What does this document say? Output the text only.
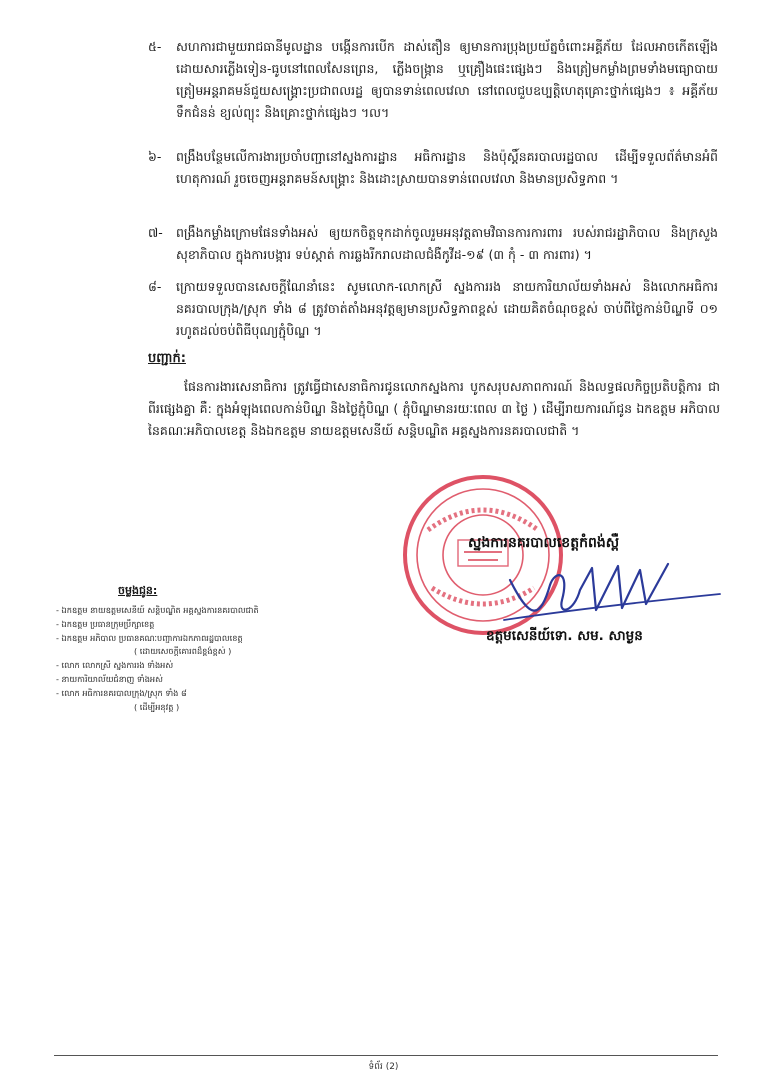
៥-	សហការជាមួយរាជធានីមូលដ្ឋាន បង្កើនការបើក ដាស់តឿន ឲ្យមានការប្រុងប្រយ័ត្នចំពោះអគ្គីភ័យ ដែលអាចកើតឡើងដោយសារភ្លើងទៀន-ធូបនៅពេលសែនព្រេន, ភ្លើងចង្ក្រាន ឬគ្រឿងផេះផ្សេងៗ និងត្រៀមកម្លាំងព្រមទាំងមធ្យោបាយ ត្រៀមអន្តរាគមន៍ជួយសង្គ្រោះប្រជាពលរដ្ឋ ឲ្យបានទាន់ពេលវេលា នៅពេលជួបឧប្បត្តិហេតុគ្រោះថ្នាក់ផ្សេងៗ ៖ អគ្គីភ័យ ទឹកជំនន់ ខ្យល់ព្យុះ និងគ្រោះថ្នាក់ផ្សេងៗ ។ល។
៦-	ពង្រឹងបន្ថែមលើការងារប្រចាំបញ្ជានៅស្នងការដ្ឋាន អធិការដ្ឋាន និងប៉ុស្តិ៍នគរបាលរដ្ឋបាល ដើម្បីទទួលព័ត៌មានអំពីហេតុការណ៍ រួចចេញអន្តរាគមន៍សង្គ្រោះ និងដោះស្រាយបានទាន់ពេលវេលា និងមានប្រសិទ្ធភាព ។
៧-	ពង្រឹងកម្លាំងក្រោមផែនទាំងអស់ ឲ្យយកចិត្តទុកដាក់ចូលរួមអនុវត្តតាមវិធានការការពារ របស់រាជរដ្ឋាភិបាល និងក្រសួង សុខាភិបាល ក្នុងការបង្ការ ទប់ស្កាត់ ការឆ្លងរីករាលដាលជំងឺកូវីដ-១៩ (៣ កុំ - ៣ ការពារ) ។
៨-	ក្រោយទទួលបានសេចក្ដីណែនាំនេះ សូមលោក-លោកស្រី ស្នងការរង នាយការិយាល័យទាំងអស់ និងលោកអធិការនគរបាលក្រុង/ស្រុក ទាំង ៨ ត្រូវចាត់តាំងអនុវត្តឲ្យមានប្រសិទ្ធភាពខ្ពស់ ដោយគិតចំណុចខ្ពស់ ចាប់ពីថ្ងៃកាន់បិណ្ឌទី ០១ រហូតដល់ចប់ពិធីបុណ្យភ្ជុំបិណ្ឌ ។
បញ្ជាក់:
ផែនការងារសេនាធិការ ត្រូវធ្វើជាសេនាធិការជូនលោកស្នងការ បូកសរុបសភាពការណ៍ និងលទ្ធផលកិច្ចប្រតិបត្តិការ ជាពីរផ្សេងគ្នា គឺ: ក្នុងអំឡុងពេលកាន់បិណ្ឌ និងថ្ងៃភ្ជុំបិណ្ឌ ( ភ្ជុំបិណ្ឌមានរយៈពេល ៣ ថ្ងៃ ) ដើម្បីរាយការណ៍ជូន ឯកឧត្តម អភិបាល នៃគណៈអភិបាលខេត្ត និងឯកឧត្តម នាយឧត្តមសេនីយ៍ សន្តិបណ្ឌិត អគ្គស្នងការនគរបាលជាតិ ។
ស្នងការនគរបាលខេត្តកំពង់ស្ពឺ
ឧត្តមសេនីយ៍ទោ. សម. សាម្ងន
ចម្លងជូន:
- ឯកឧត្តម នាយឧត្តមសេនីយ៍ សន្តិបណ្ឌិត អគ្គស្នងការនគរបាលជាតិ
- ឯកឧត្តម ប្រធានក្រុមប្រឹក្សាខេត្ត
- ឯកឧត្តម អភិបាល ប្រធានគណៈបញ្ជាការឯកភាពរដ្ឋបាលខេត្ត
( ដោយសេចក្តីគោរពដ៏ខ្ពង់ខ្ពស់ )
- លោក លោកស្រី ស្នងការរង ទាំងអស់
- នាយការិយាល័យជំនាញ ទាំងអស់
- លោក អធិការនគរបាលក្រុង/ស្រុក ទាំង ៨
( ដើម្បីអនុវត្ត )
ទំព័រ (2)
